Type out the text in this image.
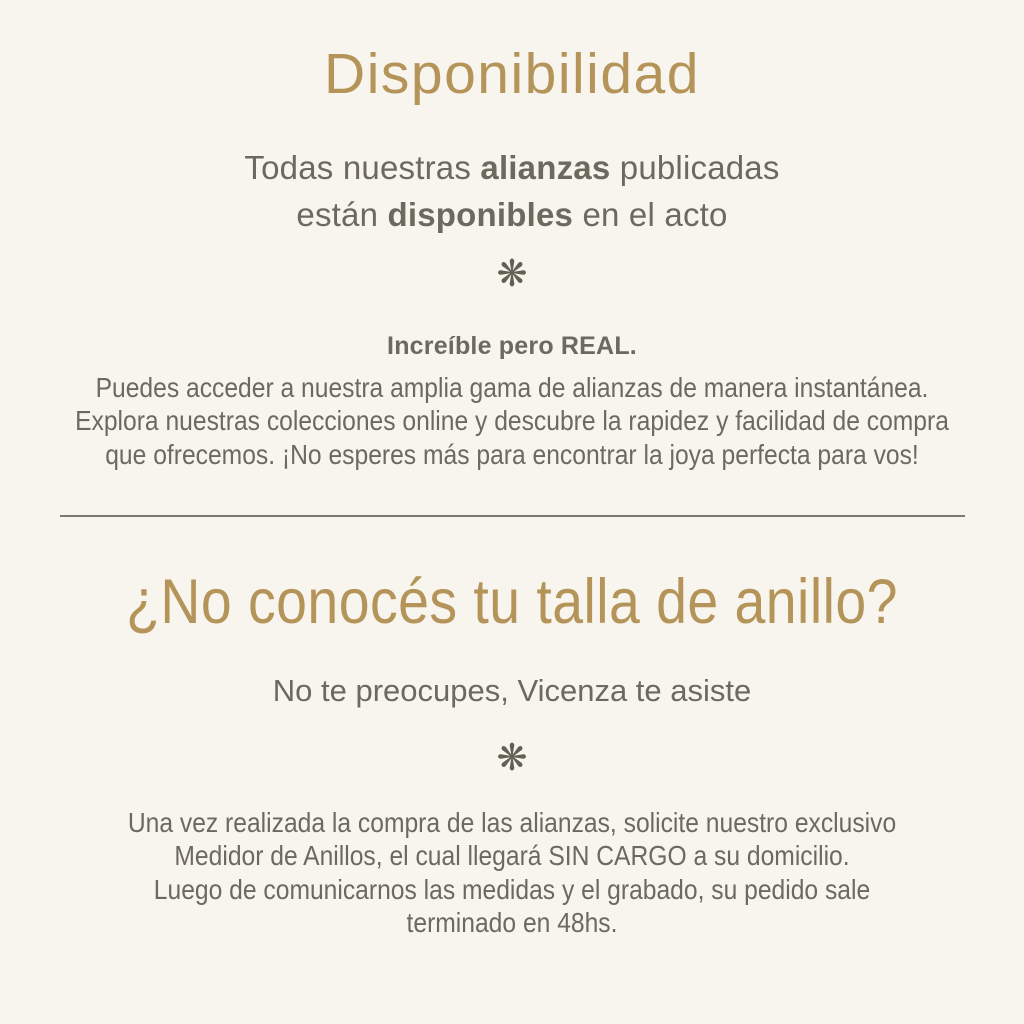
Disponibilidad
Todas nuestras alianzas publicadas
están disponibles en el acto
❋
Increíble pero REAL.
Puedes acceder a nuestra amplia gama de alianzas de manera instantánea.
Explora nuestras colecciones online y descubre la rapidez y facilidad de compra
que ofrecemos. ¡No esperes más para encontrar la joya perfecta para vos!
¿No conocés tu talla de anillo?
No te preocupes, Vicenza te asiste
❋
Una vez realizada la compra de las alianzas, solicite nuestro exclusivo
Medidor de Anillos, el cual llegará SIN CARGO a su domicilio.
Luego de comunicarnos las medidas y el grabado, su pedido sale
terminado en 48hs.
